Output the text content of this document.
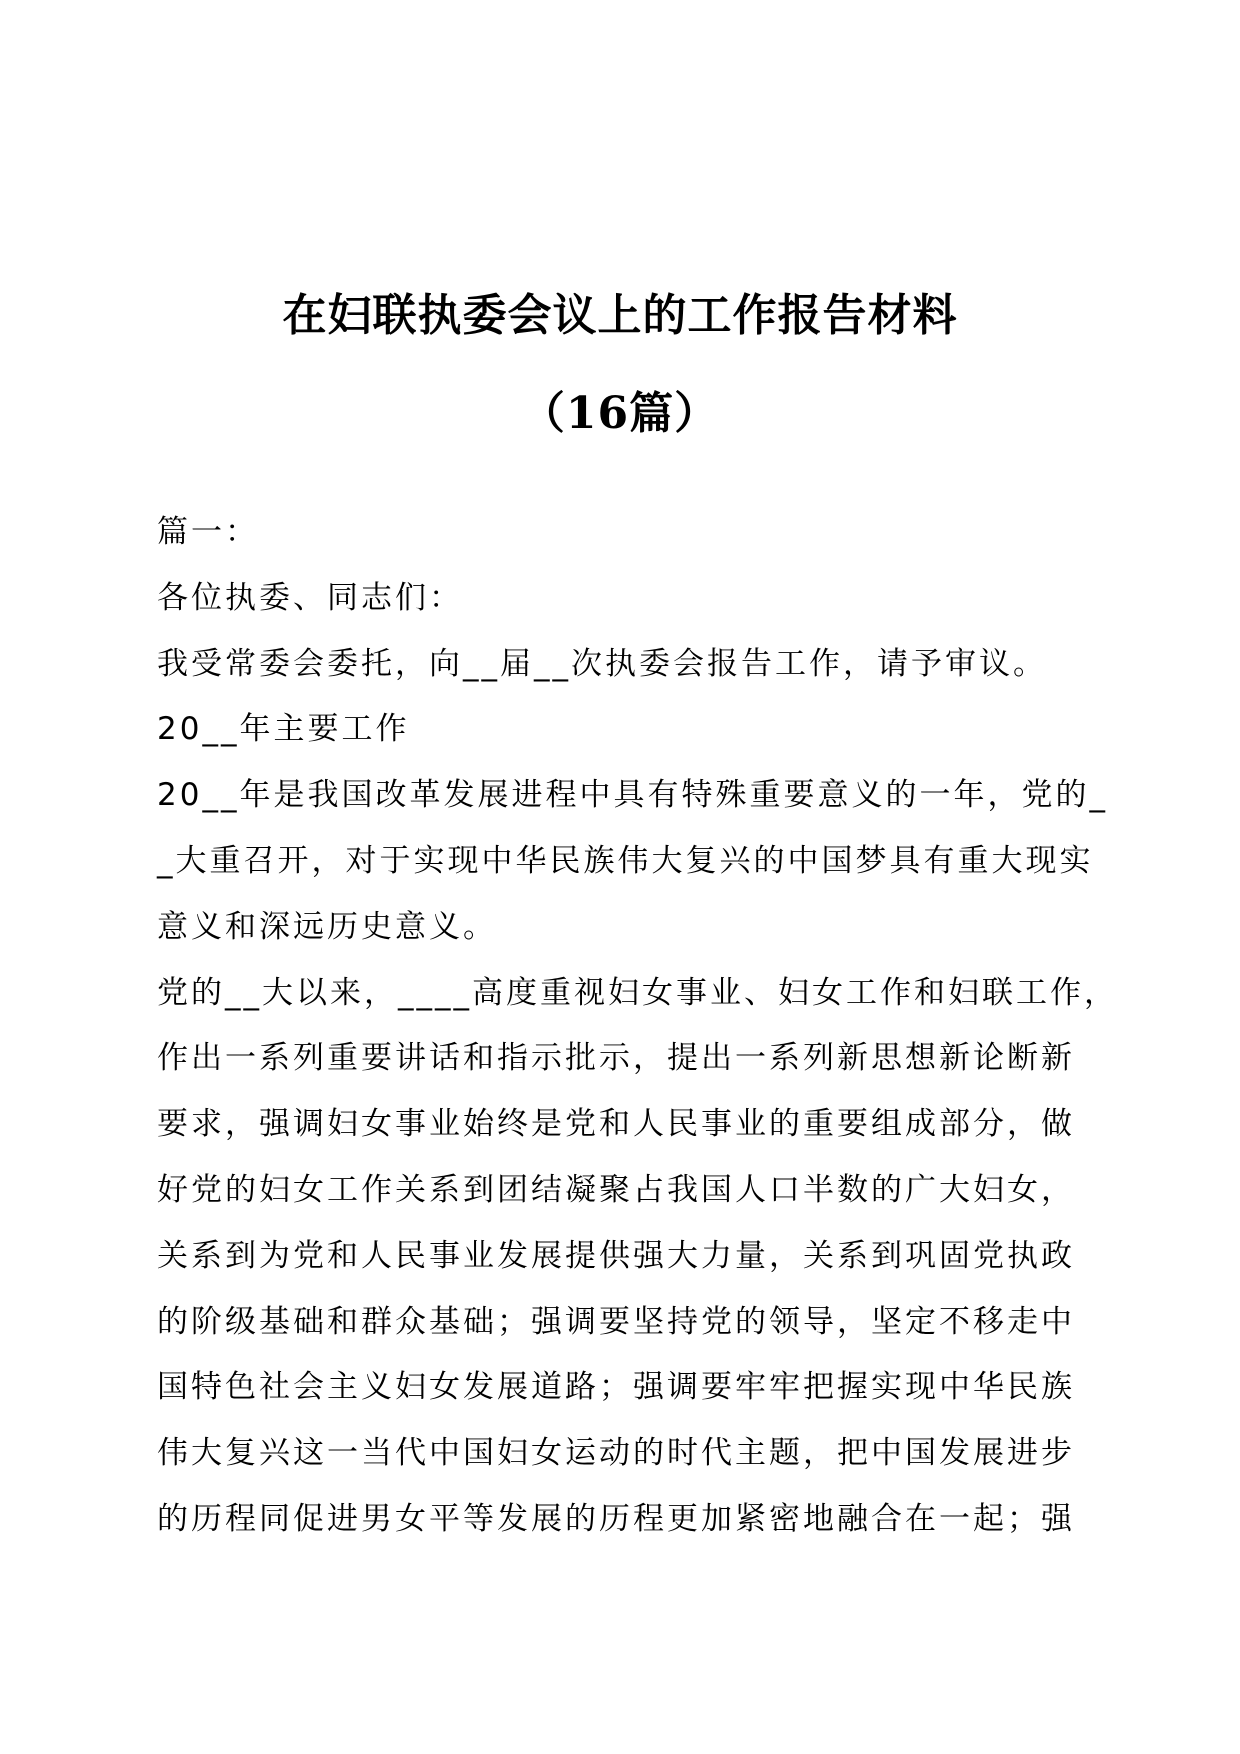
在妇联执委会议上的工作报告材料
（16篇）

篇一：

各位执委、同志们：

我受常委会委托，向__届__次执委会报告工作，请予审议。

20__年主要工作

20__年是我国改革发展进程中具有特殊重要意义的一年，党的_
_大重召开，对于实现中华民族伟大复兴的中国梦具有重大现实
意义和深远历史意义。

党的__大以来，____高度重视妇女事业、妇女工作和妇联工作，
作出一系列重要讲话和指示批示，提出一系列新思想新论断新
要求，强调妇女事业始终是党和人民事业的重要组成部分，做
好党的妇女工作关系到团结凝聚占我国人口半数的广大妇女，
关系到为党和人民事业发展提供强大力量，关系到巩固党执政
的阶级基础和群众基础；强调要坚持党的领导，坚定不移走中
国特色社会主义妇女发展道路；强调要牢牢把握实现中华民族
伟大复兴这一当代中国妇女运动的时代主题，把中国发展进步
的历程同促进男女平等发展的历程更加紧密地融合在一起；强
